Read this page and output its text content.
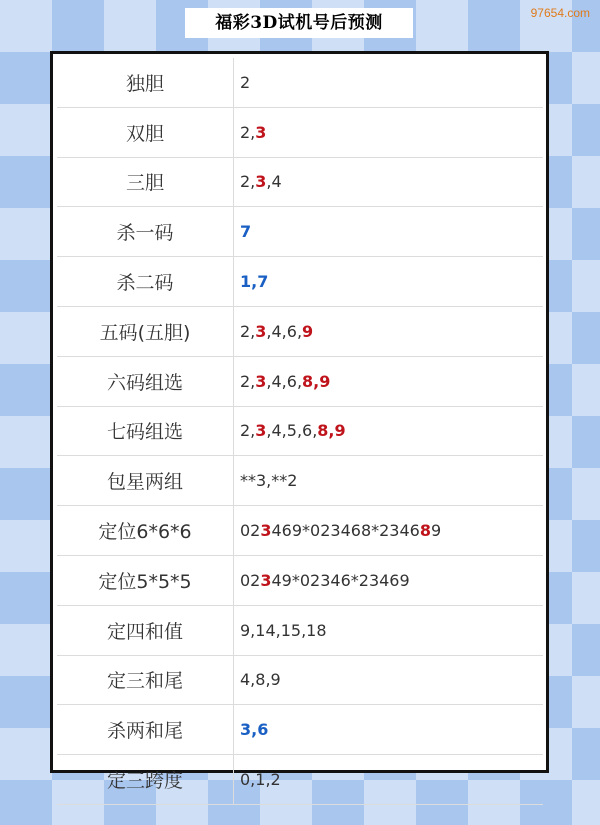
97654.com
福彩3D试机号后预测
独胆	2
双胆	2,3
三胆	2,3,4
杀一码	7
杀二码	1,7
五码(五胆)	2,3,4,6,9
六码组选	2,3,4,6,8,9
七码组选	2,3,4,5,6,8,9
包星两组	**3,**2
定位6*6*6	023469*023468*234689
定位5*5*5	02349*02346*23469
定四和值	9,14,15,18
定三和尾	4,8,9
杀两和尾	3,6
定三跨度	0,1,2
